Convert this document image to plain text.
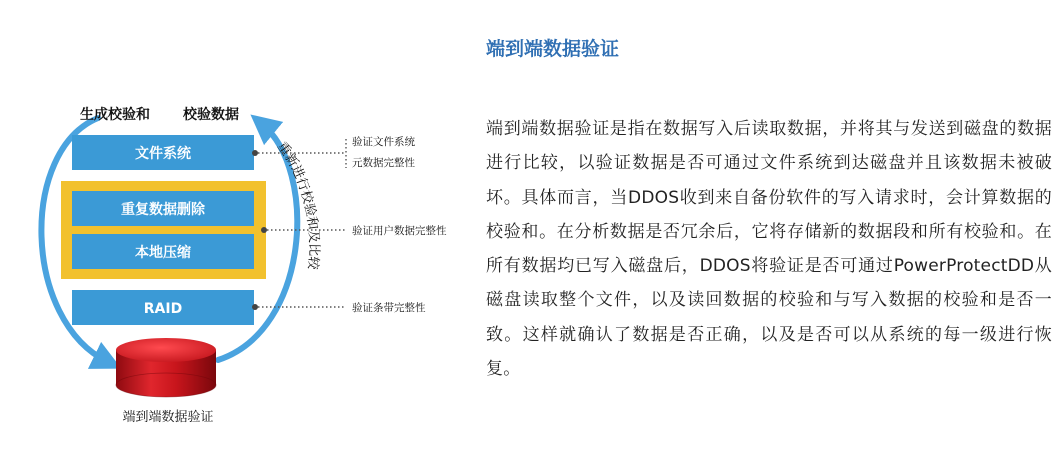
生成校验和 校验数据
文件系统
重复数据删除
本地压缩
RAID
验证文件系统
元数据完整性
验证用户数据完整性
验证条带完整性
重新进行校验和及比较
端到端数据验证
端到端数据验证
端到端数据验证是指在数据写入后读取数据，并将其与发送到磁盘的数据进行比较，以验证数据是否可通过文件系统到达磁盘并且该数据未被破坏。具体而言，当DDOS收到来自备份软件的写入请求时，会计算数据的校验和。在分析数据是否冗余后，它将存储新的数据段和所有校验和。在所有数据均已写入磁盘后，DDOS将验证是否可通过PowerProtectDD从磁盘读取整个文件，以及读回数据的校验和与写入数据的校验和是否一致。这样就确认了数据是否正确，以及是否可以从系统的每一级进行恢复。
